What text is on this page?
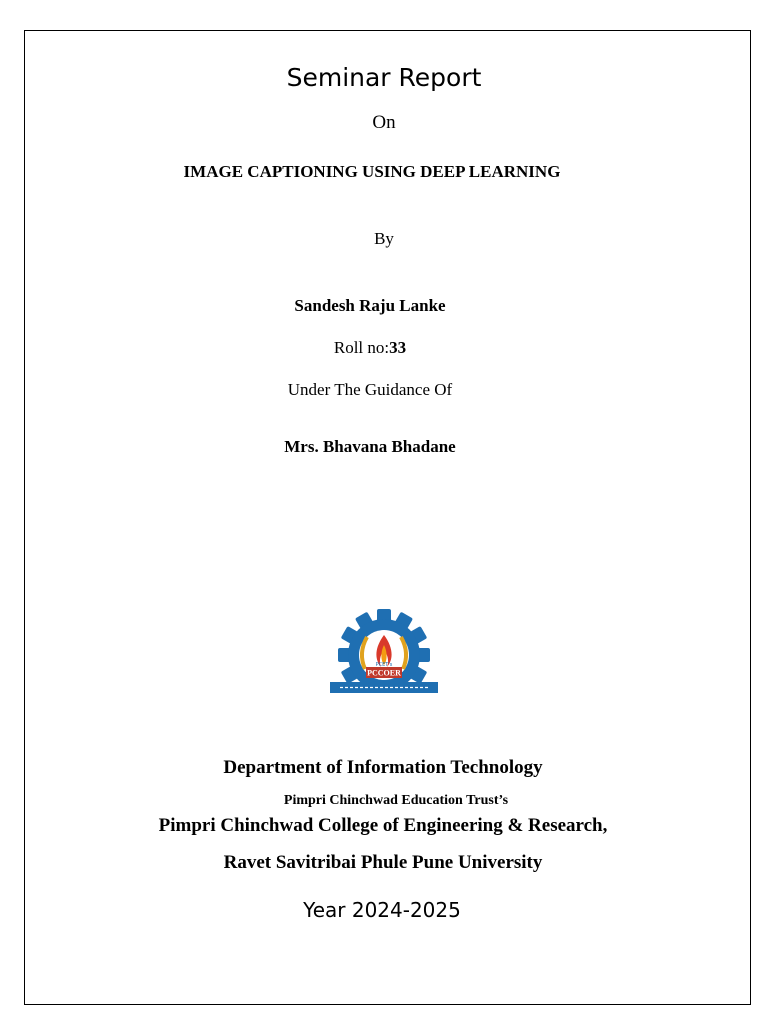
Seminar Report
On
IMAGE CAPTIONING USING DEEP LEARNING
By
Sandesh Raju Lanke
Roll no:33
Under The Guidance Of
Mrs. Bhavana Bhadane
PCET's
PCCOER
Department of Information Technology
Pimpri Chinchwad Education Trust’s
Pimpri Chinchwad College of Engineering & Research,
Ravet Savitribai Phule Pune University
Year 2024-2025
